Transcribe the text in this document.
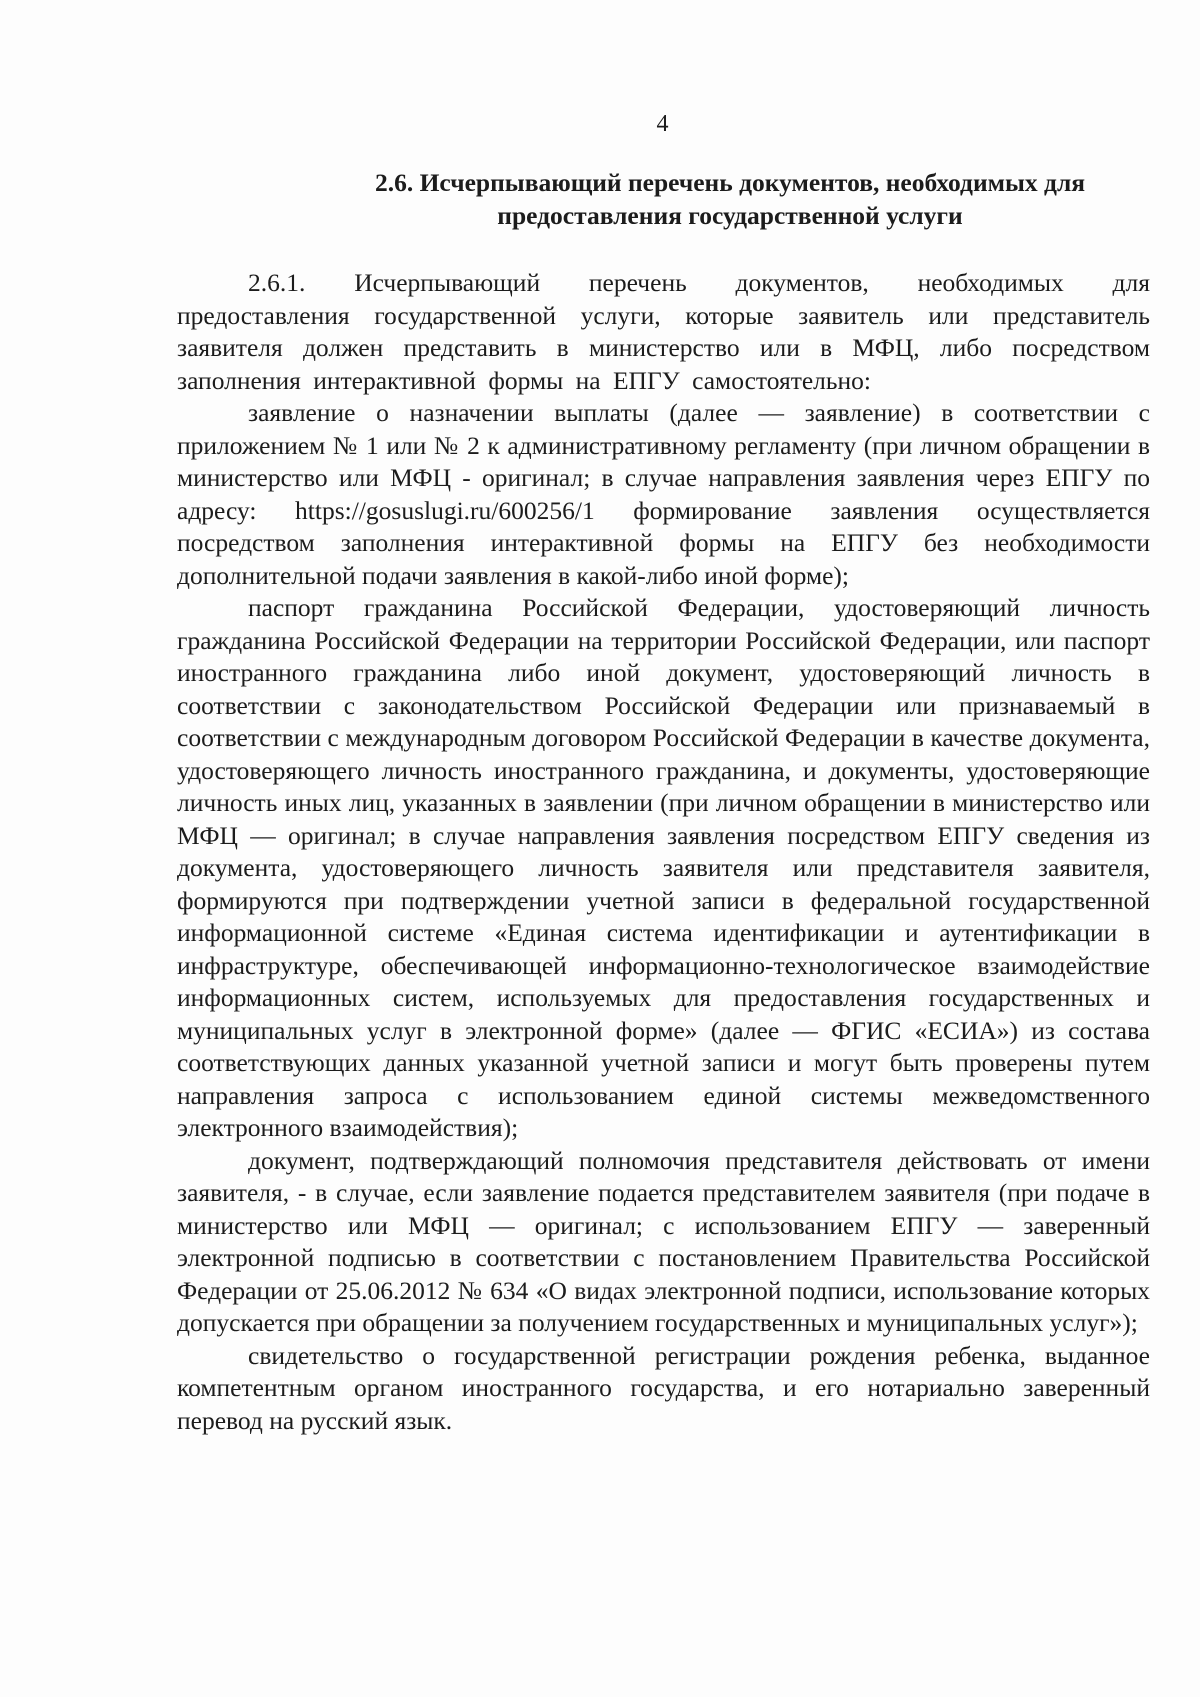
4
2.6. Исчерпывающий перечень документов, необходимых для
предоставления государственной услуги

2.6.1. Исчерпывающий перечень документов, необходимых для предоставления государственной услуги, которые заявитель или представитель заявителя должен представить в министерство или в МФЦ, либо посредством заполнения интерактивной формы на ЕПГУ самостоятельно:

заявление о назначении выплаты (далее — заявление) в соответствии с приложением № 1 или № 2 к административному регламенту (при личном обращении в министерство или МФЦ - оригинал; в случае направления заявления через ЕПГУ по адресу: https://gosuslugi.ru/600256/1 формирование заявления осуществляется посредством заполнения интерактивной формы на ЕПГУ без необходимости дополнительной подачи заявления в какой-либо иной форме);

паспорт гражданина Российской Федерации, удостоверяющий личность гражданина Российской Федерации на территории Российской Федерации, или паспорт иностранного гражданина либо иной документ, удостоверяющий личность в соответствии с законодательством Российской Федерации или признаваемый в соответствии с международным договором Российской Федерации в качестве документа, удостоверяющего личность иностранного гражданина, и документы, удостоверяющие личность иных лиц, указанных в заявлении (при личном обращении в министерство или МФЦ — оригинал; в случае направления заявления посредством ЕПГУ сведения из документа, удостоверяющего личность заявителя или представителя заявителя, формируются при подтверждении учетной записи в федеральной государственной информационной системе «Единая система идентификации и аутентификации в инфраструктуре, обеспечивающей информационно-технологическое взаимодействие информационных систем, используемых для предоставления государственных и муниципальных услуг в электронной форме» (далее — ФГИС «ЕСИА») из состава соответствующих данных указанной учетной записи и могут быть проверены путем направления запроса с использованием единой системы межведомственного электронного взаимодействия);

документ, подтверждающий полномочия представителя действовать от имени заявителя, - в случае, если заявление подается представителем заявителя (при подаче в министерство или МФЦ — оригинал; с использованием ЕПГУ — заверенный электронной подписью в соответствии с постановлением Правительства Российской Федерации от 25.06.2012 № 634 «О видах электронной подписи, использование которых допускается при обращении за получением государственных и муниципальных услуг»);

свидетельство о государственной регистрации рождения ребенка, выданное компетентным органом иностранного государства, и его нотариально заверенный перевод на русский язык.
